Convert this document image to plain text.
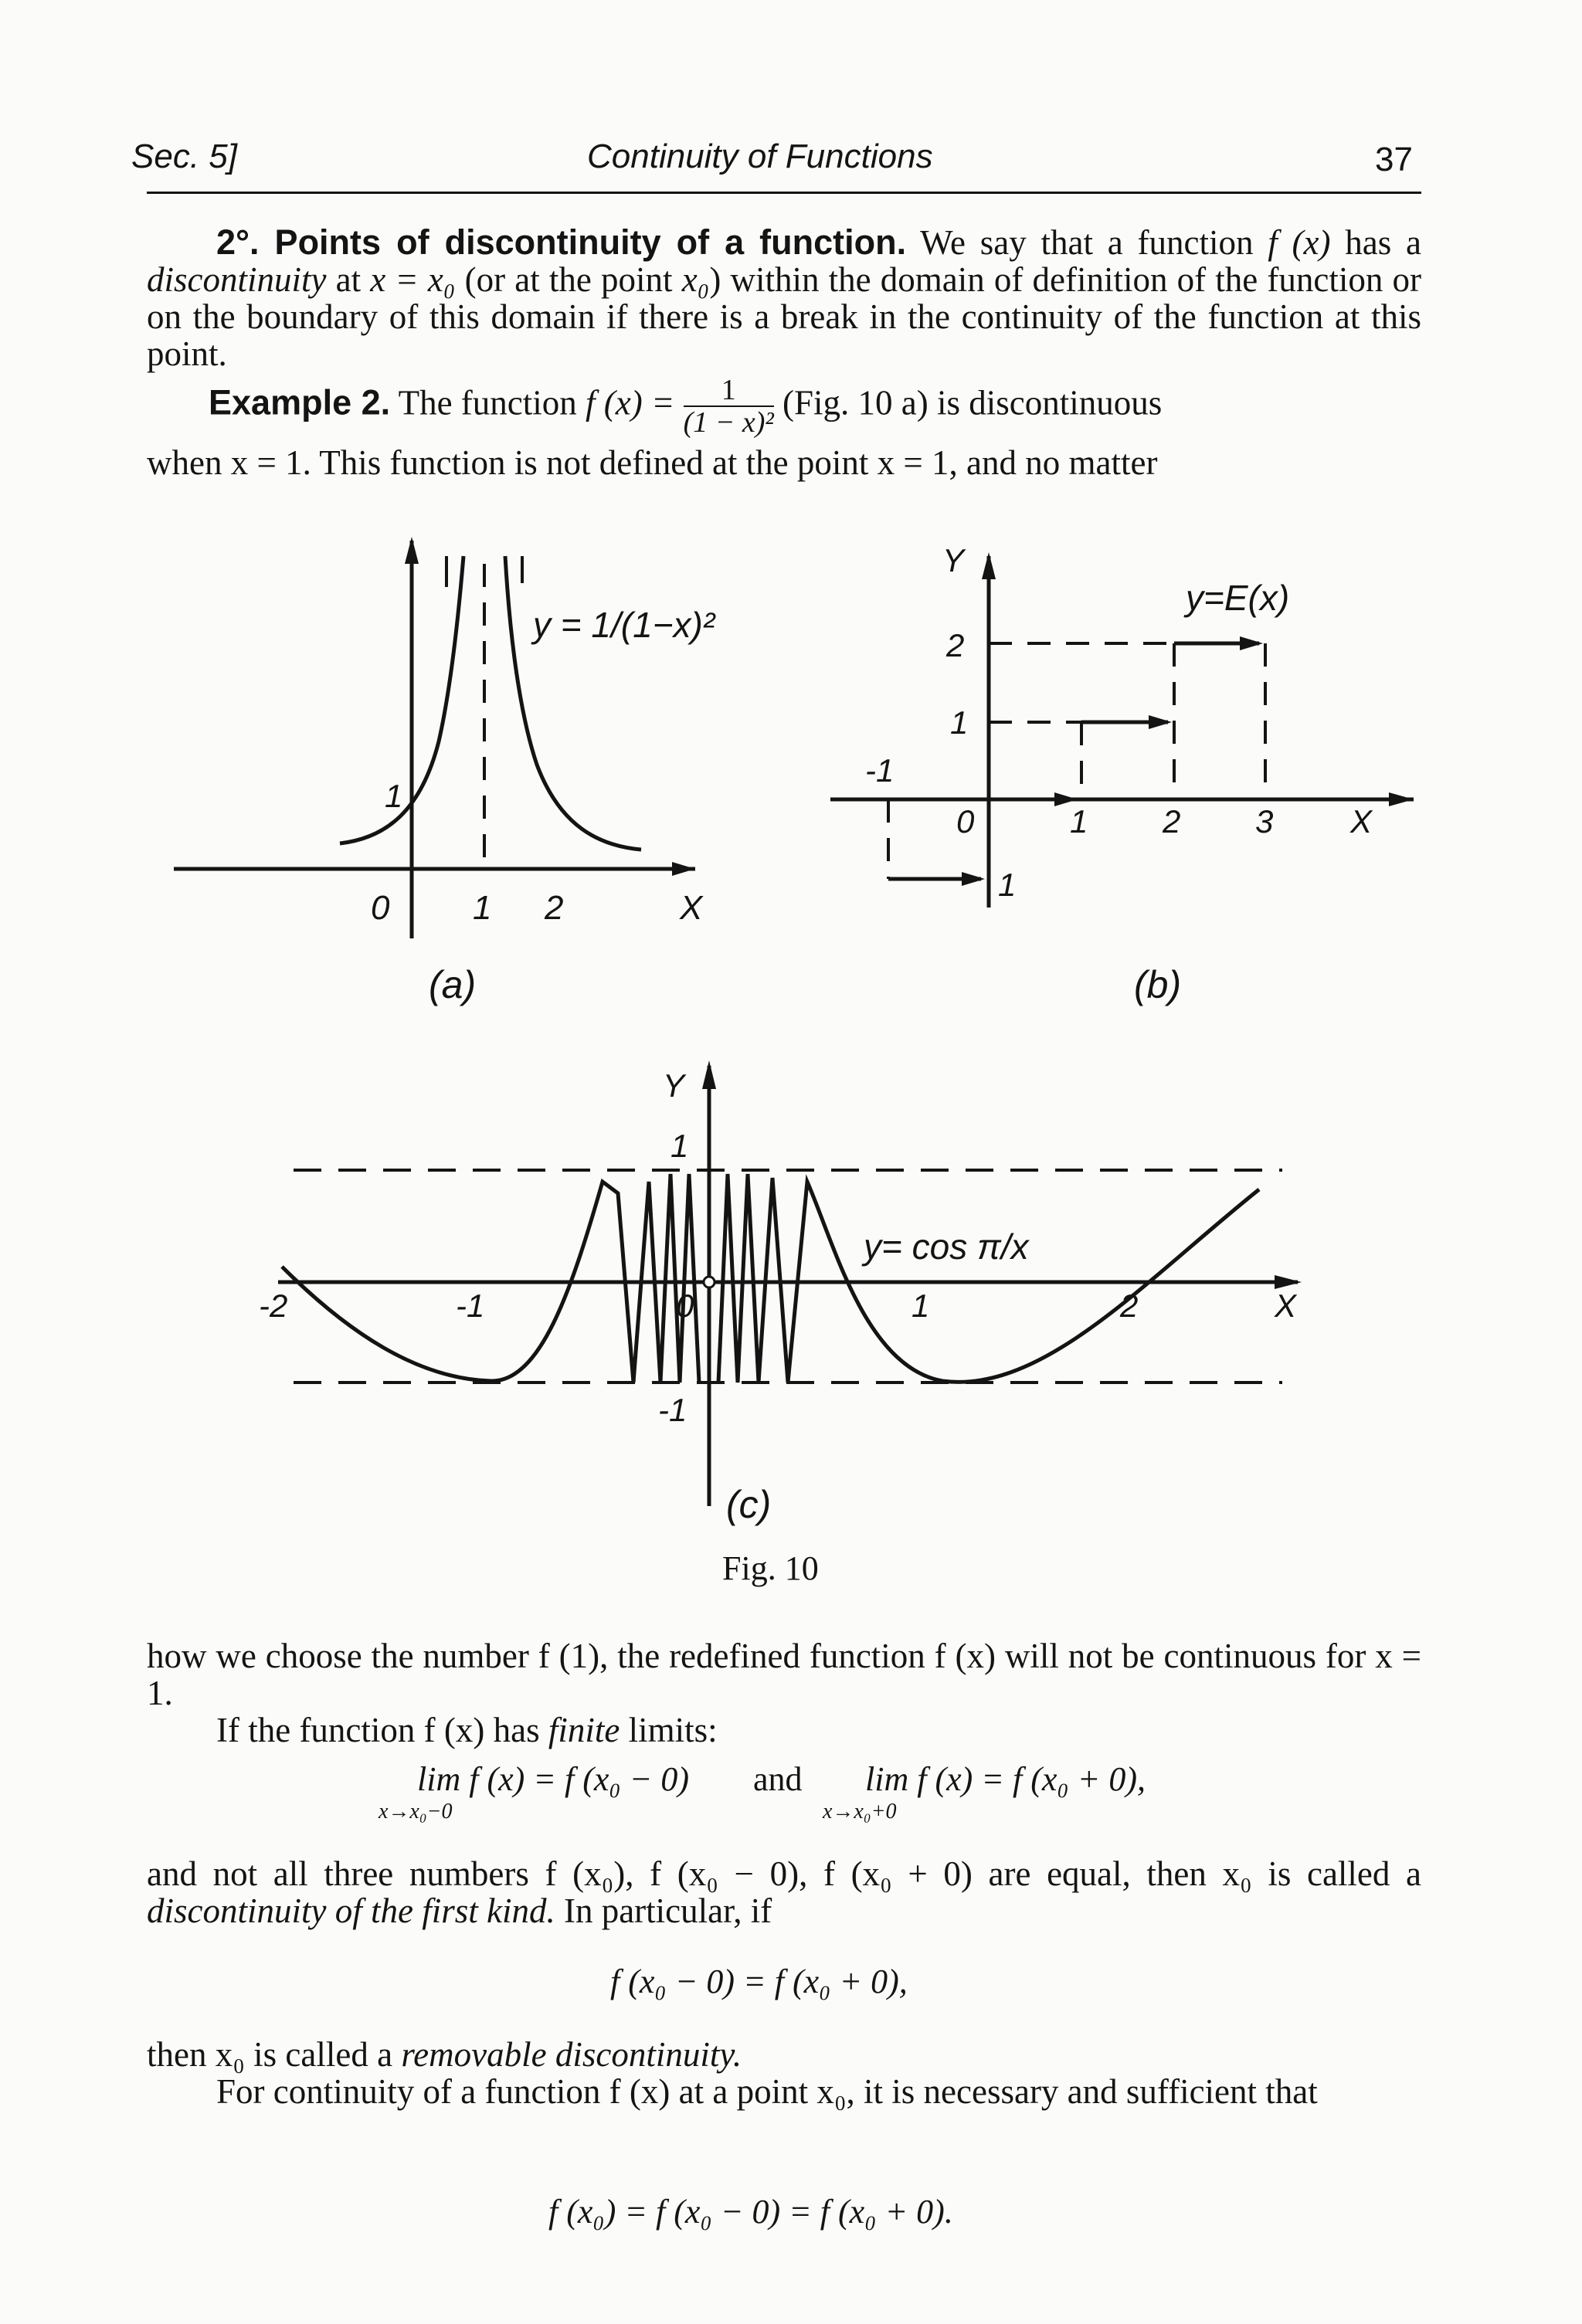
Sec. 5]	Continuity of Functions	37

2°. Points of discontinuity of a function. We say that a function f (x) has a discontinuity at x = x₀ (or at the point x₀) within the domain of definition of the function or on the boundary of this domain if there is a break in the continuity of the function at this point.

Example 2. The function f $(x) = \frac{1}{\text{(1 − x)²}} (Fig$. 10 a) is discontinuous
when x = 1. This function is not defined at the point x = 1, and no matter
0 1 2	X
1
y = 1/(1−x)²
(a)
Y
2
1
-1
0	1 2 3 X
1
y=E(x)
(b)
Y
1
-1
-2	-1	0	1	2	X
y= cos π/x
(c)
Fig. 10
how we choose the number f (1), the redefined function f (x) will not be continuous for x = 1.
If the function f (x) has finite limits:
lim f (x) = f (x₀ − 0)
x→x₀−0
and lim f (x) = f (x₀ + 0),
x→x₀+0
and not all three numbers f (x₀), f (x₀ − 0), f (x₀ + 0) are equal, then x₀ is called a discontinuity of the first kind. In particular, if
f (x₀ − 0) = f (x₀ + 0),
then x₀ is called a removable discontinuity.
For continuity of a function f (x) at a point x₀, it is necessary and sufficient that
f (x₀) = f (x₀ − 0) = f (x₀ + 0).
